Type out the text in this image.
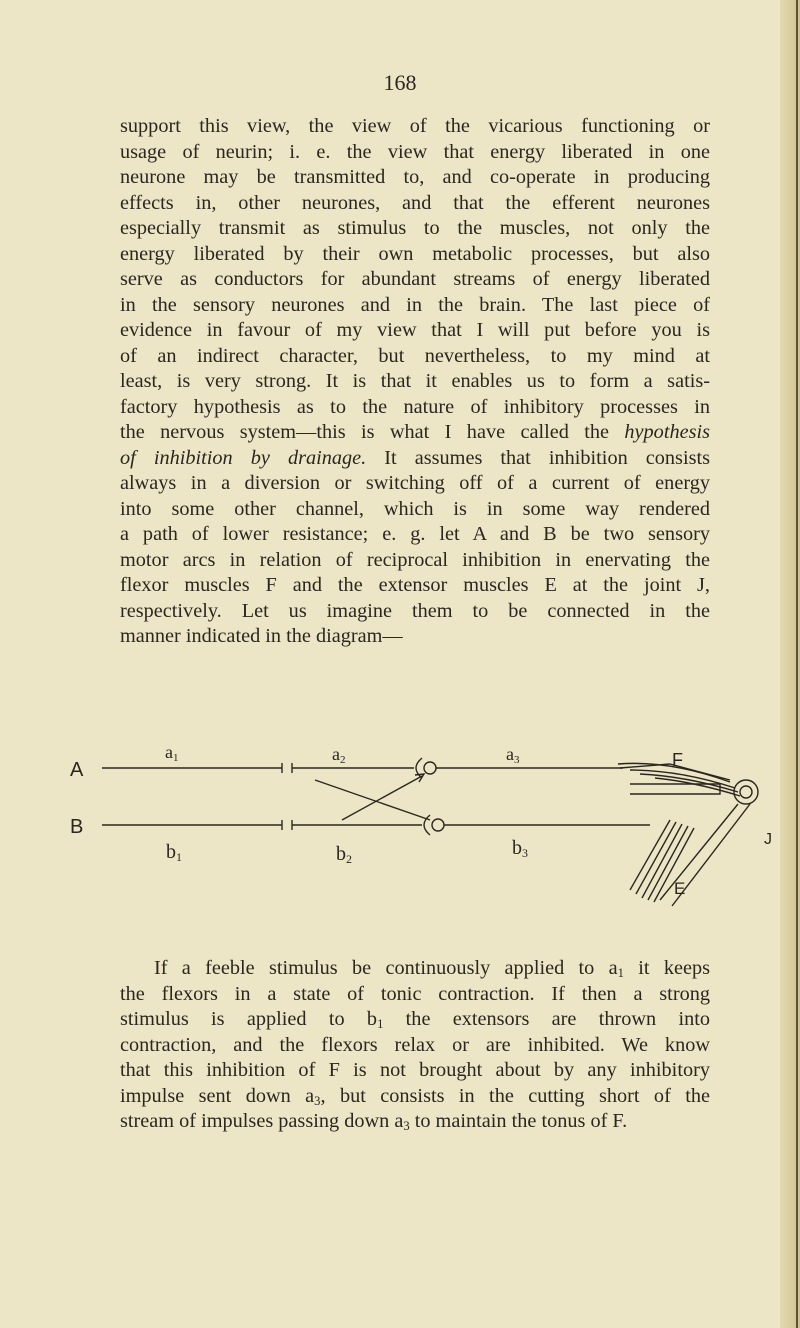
168
support this view, the view of the vicarious functioning or
usage of neurin; i. e. the view that energy liberated in one
neurone may be transmitted to, and co-operate in producing
effects in, other neurones, and that the efferent neurones
especially transmit as stimulus to the muscles, not only the
energy liberated by their own metabolic processes, but also
serve as conductors for abundant streams of energy liberated
in the sensory neurones and in the brain. The last piece of
evidence in favour of my view that I will put before you is
of an indirect character, but nevertheless, to my mind at
least, is very strong. It is that it enables us to form a satis-
factory hypothesis as to the nature of inhibitory processes in
the nervous system—this is what I have called the hypothesis
of inhibition by drainage. It assumes that inhibition consists
always in a diversion or switching off of a current of energy
into some other channel, which is in some way rendered
a path of lower resistance; e. g. let A and B be two sensory
motor arcs in relation of reciprocal inhibition in enervating the
flexor muscles F and the extensor muscles E at the joint J,
respectively. Let us imagine them to be connected in the
manner indicated in the diagram—
A
B
a1	a2	a3
b1	b2	b3
F
E
J
If a feeble stimulus be continuously applied to $a_1$ it keeps
the flexors in a state of tonic contraction. If then a strong
stimulus is applied to $b_1$ the extensors are thrown into
contraction, and the flexors relax or are inhibited. We know
that this inhibition of F is not brought about by any inhibitory
impulse sent down $a_3$, but consists in the cutting short of the
stream of impulses passing down $a_3$ to maintain the tonus of F.
